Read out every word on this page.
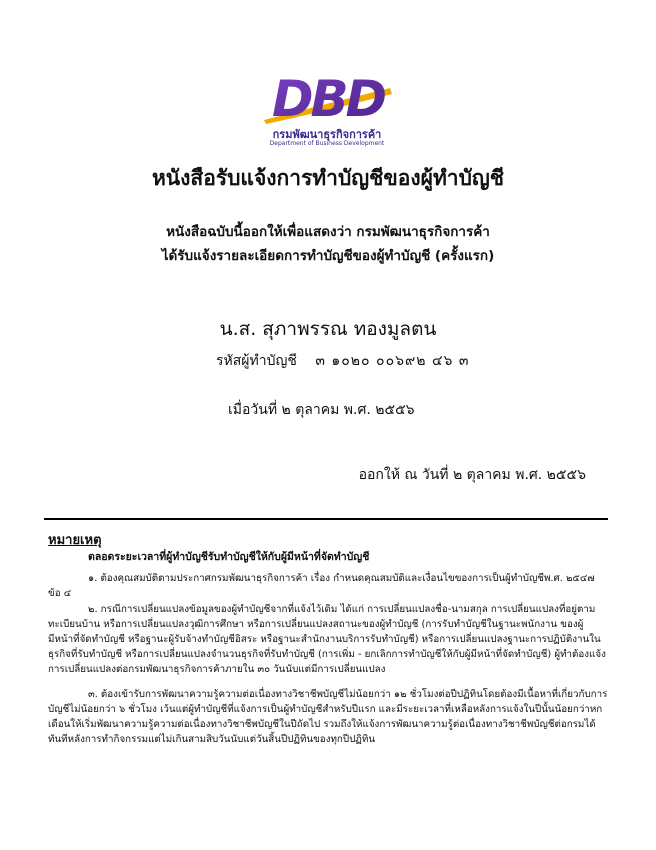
DBD
กรมพัฒนาธุรกิจการค้า
Department of Business Development
หนังสือรับแจ้งการทำบัญชีของผู้ทำบัญชี
หนังสือฉบับนี้ออกให้เพื่อแสดงว่า กรมพัฒนาธุรกิจการค้า
ได้รับแจ้งรายละเอียดการทำบัญชีของผู้ทำบัญชี (ครั้งแรก)
น.ส. สุภาพรรณ ทองมูลตน
รหัสผู้ทำบัญชี ๓ ๑๐๒๐ ๐๐๖๙๒ ๔๖ ๓
เมื่อวันที่ ๒ ตุลาคม พ.ศ. ๒๕๕๖
ออกให้ ณ วันที่ ๒ ตุลาคม พ.ศ. ๒๕๕๖
หมายเหตุ

ตลอดระยะเวลาที่ผู้ทำบัญชีรับทำบัญชีให้กับผู้มีหน้าที่จัดทำบัญชี

๑. ต้องคุณสมบัติตามประกาศกรมพัฒนาธุรกิจการค้า เรื่อง กำหนดคุณสมบัติและเงื่อนไขของการเป็นผู้ทำบัญชีพ.ศ. ๒๕๔๗ ข้อ ๔

๒. กรณีการเปลี่ยนแปลงข้อมูลของผู้ทำบัญชีจากที่แจ้งไว้เดิม ได้แก่ การเปลี่ยนแปลงชื่อ-นามสกุล การเปลี่ยนแปลงที่อยู่ตามทะเบียนบ้าน หรือการเปลี่ยนแปลงวุฒิการศึกษา หรือการเปลี่ยนแปลงสถานะของผู้ทำบัญชี (การรับทำบัญชีในฐานะพนักงาน ของผู้มีหน้าที่จัดทำบัญชี หรือฐานะผู้รับจ้างทำบัญชีอิสระ หรือฐานะสำนักงานบริการรับทำบัญชี) หรือการเปลี่ยนแปลงฐานะการปฏิบัติงานในธุรกิจที่รับทำบัญชี หรือการเปลี่ยนแปลงจำนวนธุรกิจที่รับทำบัญชี (การเพิ่ม - ยกเลิกการทำบัญชีให้กับผู้มีหน้าที่จัดทำบัญชี) ผู้ทำต้องแจ้งการเปลี่ยนแปลงต่อกรมพัฒนาธุรกิจการค้าภายใน ๓๐ วันนับแต่มีการเปลี่ยนแปลง

๓. ต้องเข้ารับการพัฒนาความรู้ความต่อเนื่องทางวิชาชีพบัญชีไม่น้อยกว่า ๑๒ ชั่วโมงต่อปีปฏิทินโดยต้องมีเนื้อหาที่เกี่ยวกับการบัญชีไม่น้อยกว่า ๖ ชั่วโมง เว้นแต่ผู้ทำบัญชีที่แจ้งการเป็นผู้ทำบัญชีสำหรับปีแรก และมีระยะเวลาที่เหลือหลังการแจ้งในปีนั้นน้อยกว่าหกเดือนให้เริ่มพัฒนาความรู้ความต่อเนื่องทางวิชาชีพบัญชีในปีถัดไป รวมถึงให้แจ้งการพัฒนาความรู้ต่อเนื่องทางวิชาชีพบัญชีต่อกรมได้ทันทีหลังการทำกิจกรรมแต่ไม่เกินสามสิบวันนับแต่วันสิ้นปีปฏิทินของทุกปีปฏิทิน
